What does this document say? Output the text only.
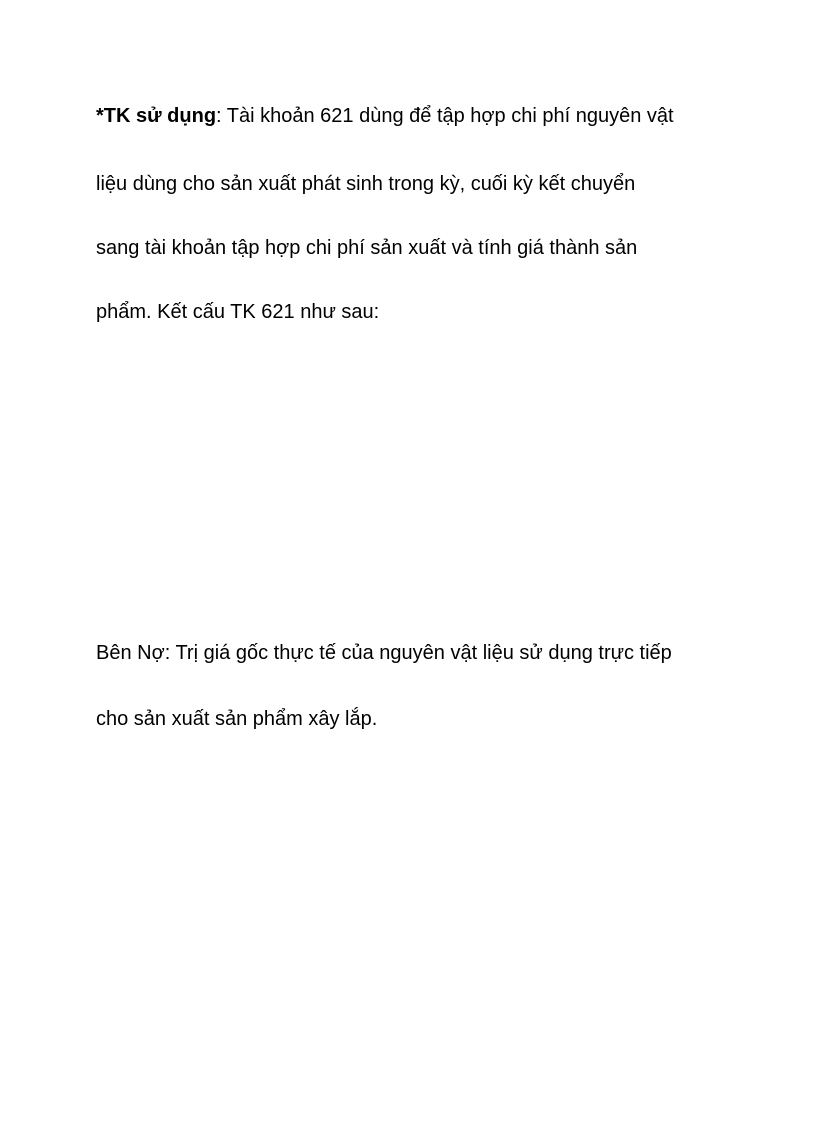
*TK sử dụng: Tài khoản 621 dùng để tập hợp chi phí nguyên vật
liệu dùng cho sản xuất phát sinh trong kỳ, cuối kỳ kết chuyển
sang tài khoản tập hợp chi phí sản xuất và tính giá thành sản
phẩm. Kết cấu TK 621 như sau:
Bên Nợ: Trị giá gốc thực tế của nguyên vật liệu sử dụng trực tiếp
cho sản xuất sản phẩm xây lắp.
